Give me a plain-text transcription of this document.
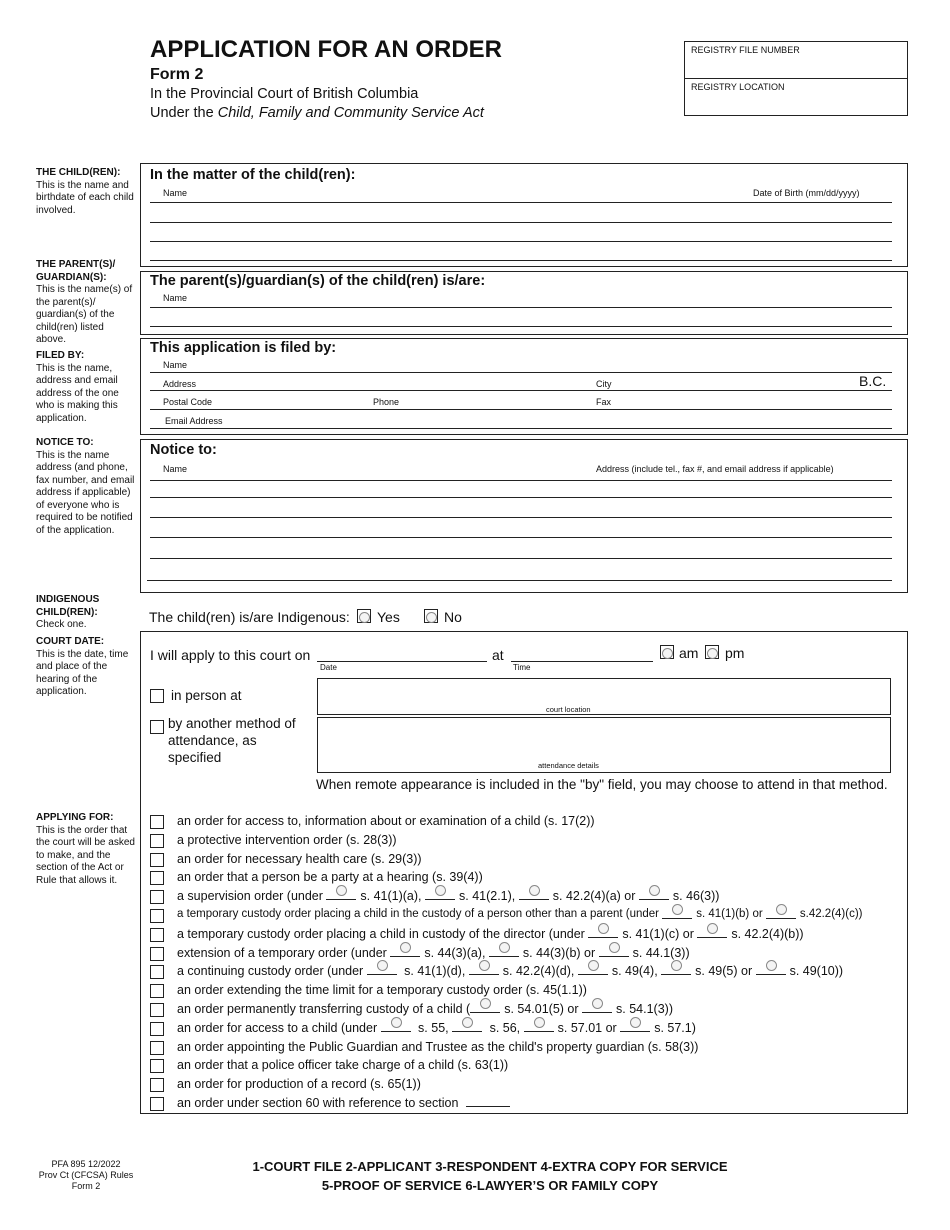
APPLICATION FOR AN ORDER
Form 2
In the Provincial Court of British Columbia
Under the Child, Family and Community Service Act
REGISTRY FILE NUMBER
REGISTRY LOCATION
THE CHILD(REN):
This is the name and birthdate of each child involved.
THE PARENT(S)/ GUARDIAN(S):
This is the name(s) of the parent(s)/ guardian(s) of the child(ren) listed above.
FILED BY:
This is the name, address and email address of the one who is making this application.
NOTICE TO:
This is the name address (and phone, fax number, and email address if applicable) of everyone who is required to be notified of the application.
INDIGENOUS CHILD(REN):
Check one.
COURT DATE:
This is the date, time and place of the hearing of the application.
APPLYING FOR:
This is the order that the court will be asked to make, and the section of the Act or Rule that allows it.
In the matter of the child(ren):
Name	Date of Birth (mm/dd/yyyy)
The parent(s)/guardian(s) of the child(ren) is/are:
Name
This application is filed by:
Name
Address	City	B.C.
Postal Code	Phone	Fax
Email Address
Notice to:
Name	Address (include tel., fax #, and email address if applicable)
The child(ren) is/are Indigenous: Yes	No
I will apply to this court on
Date
at
Time
am pm
in person at
court location
by another method of attendance, as specified
attendance details
When remote appearance is included in the "by" field, you may choose to attend in that method.
an order for access to, information about or examination of a child (s. 17(2))
a protective intervention order (s. 28(3))
an order for necessary health care (s. 29(3))
an order that a person be a party at a hearing (s. 39(4))
a supervision order (under	s. 41(1)(a),	s. 41(2.1),	s. 42.2(4)(a) or	s. 46(3))
a temporary custody order placing a child in the custody of a person other than a parent (under	s. 41(1)(b) or	s.42.2(4)(c))
a temporary custody order placing a child in custody of the director (under	s. 41(1)(c) or	s. 42.2(4)(b))
extension of a temporary order (under	s. 44(3)(a),	s. 44(3)(b) or	s. 44.1(3))
a continuing custody order (under	s. 41(1)(d),	s. 42.2(4)(d),	s. 49(4),	s. 49(5) or	s. 49(10))
an order extending the time limit for a temporary custody order (s. 45(1.1))
an order permanently transferring custody of a child (	s. 54.01(5) or	s. 54.1(3))
an order for access to a child (under	s. 55,	s. 56,	s. 57.01 or	s. 57.1)
an order appointing the Public Guardian and Trustee as the child's property guardian (s. 58(3))
an order that a police officer take charge of a child (s. 63(1))
an order for production of a record (s. 65(1))
an order under section 60 with reference to section
PFA 895 12/2022
Prov Ct (CFCSA) Rules
Form 2
1-COURT FILE 2-APPLICANT 3-RESPONDENT 4-EXTRA COPY FOR SERVICE
5-PROOF OF SERVICE 6-LAWYER’S OR FAMILY COPY
